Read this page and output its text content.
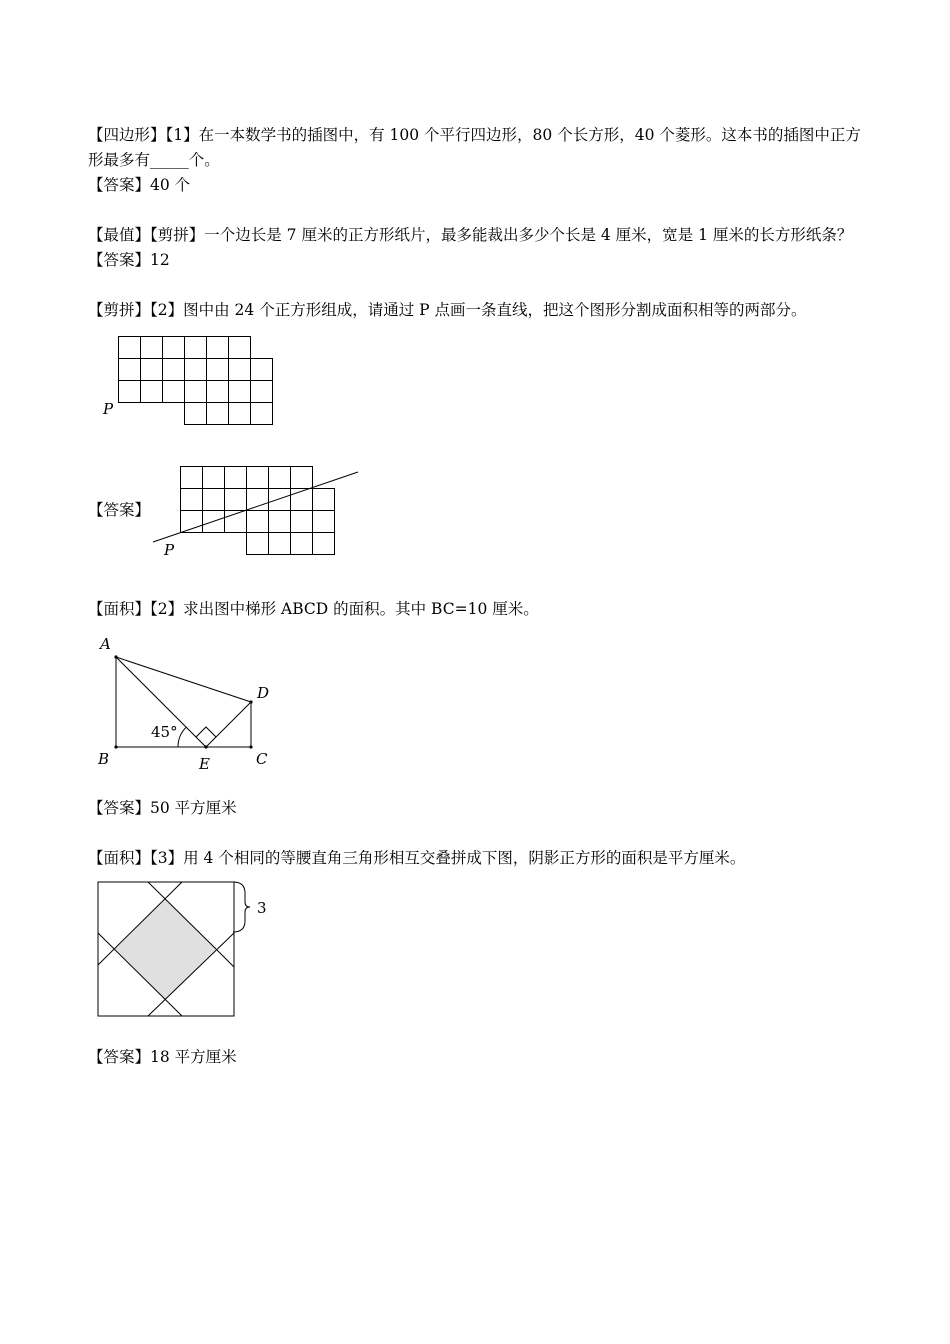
【四边形】【1】在一本数学书的插图中，有 100 个平行四边形，80 个长方形，40 个菱形。这本书的插图中正方
形最多有_____个。
【答案】40 个
【最值】【剪拼】一个边长是 7 厘米的正方形纸片，最多能裁出多少个长是 4 厘米，宽是 1 厘米的长方形纸条？
【答案】12
【剪拼】【2】图中由 24 个正方形组成，请通过 P 点画一条直线，把这个图形分割成面积相等的两部分。
P
【答案】
P
【面积】【2】求出图中梯形 ABCD 的面积。其中 BC=10 厘米。
A
B	E	C
D
45°
【答案】50 平方厘米
【面积】【3】用 4 个相同的等腰直角三角形相互交叠拼成下图，阴影正方形的面积是平方厘米。
3
【答案】18 平方厘米
